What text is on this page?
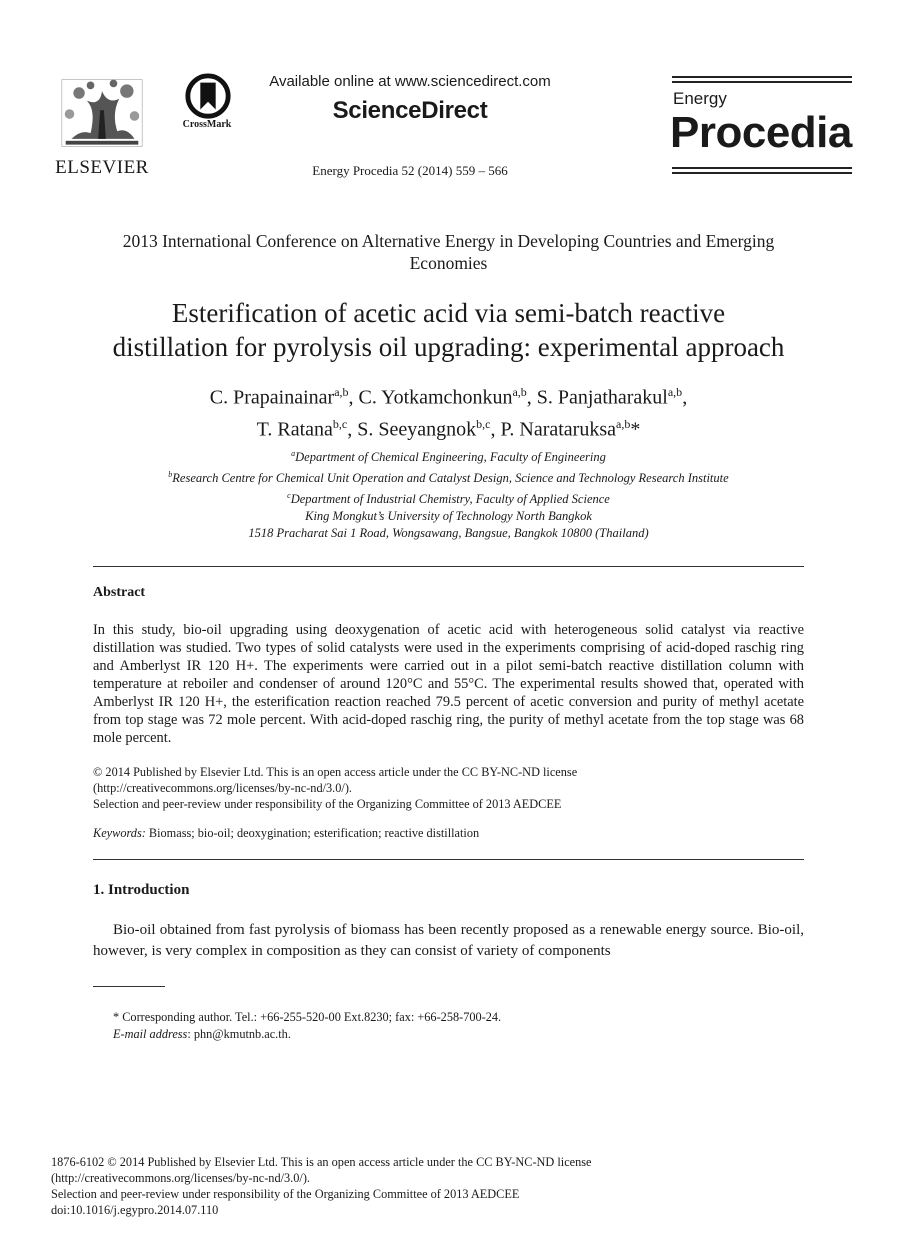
ELSEVIER
CrossMark
Available online at www.sciencedirect.com
ScienceDirect
Energy Procedia 52 (2014) 559 – 566
Energy
Procedia
2013 International Conference on Alternative Energy in Developing Countries and Emerging Economies
Esterification of acetic acid via semi-batch reactive
distillation for pyrolysis oil upgrading: experimental approach
C. Prapainainar$^{a,b}$, C. Yotkamchonkun$^{a,b}$, S. Panjatharakul$^{a,b}$,
T. Ratana$^{b,c}$, S. Seeyangnok$^{b,c}$, P. Narataruksa$^{a,b}$*
$^a$Department of Chemical Engineering, Faculty of Engineering
$^b$Research Centre for Chemical Unit Operation and Catalyst Design, Science and Technology Research Institute
$^c$Department of Industrial Chemistry, Faculty of Applied Science
King Mongkut’s University of Technology North Bangkok
1518 Pracharat Sai 1 Road, Wongsawang, Bangsue, Bangkok 10800 (Thailand)
Abstract
In this study, bio-oil upgrading using deoxygenation of acetic acid with heterogeneous solid catalyst via reactive distillation was studied. Two types of solid catalysts were used in the experiments comprising of acid-doped raschig ring and Amberlyst IR 120 H+. The experiments were carried out in a pilot semi-batch reactive distillation column with temperature at reboiler and condenser of around 120°C and 55°C. The experimental results showed that, operated with Amberlyst IR 120 H+, the esterification reaction reached 79.5 percent of acetic conversion and purity of methyl acetate from top stage was 72 mole percent. With acid-doped raschig ring, the purity of methyl acetate from the top stage was 68 mole percent.
© 2014 Published by Elsevier Ltd. This is an open access article under the CC BY-NC-ND license
(http://creativecommons.org/licenses/by-nc-nd/3.0/).
Selection and peer-review under responsibility of the Organizing Committee of 2013 AEDCEE
Keywords: Biomass; bio-oil; deoxygination; esterification; reactive distillation
1. Introduction
Bio-oil obtained from fast pyrolysis of biomass has been recently proposed as a renewable energy source. Bio-oil, however, is very complex in composition as they can consist of variety of components
* Corresponding author. Tel.: +66-255-520-00 Ext.8230; fax: +66-258-700-24.
E-mail address: phn@kmutnb.ac.th.
1876-6102 © 2014 Published by Elsevier Ltd. This is an open access article under the CC BY-NC-ND license
(http://creativecommons.org/licenses/by-nc-nd/3.0/).
Selection and peer-review under responsibility of the Organizing Committee of 2013 AEDCEE
doi:10.1016/j.egypro.2014.07.110
